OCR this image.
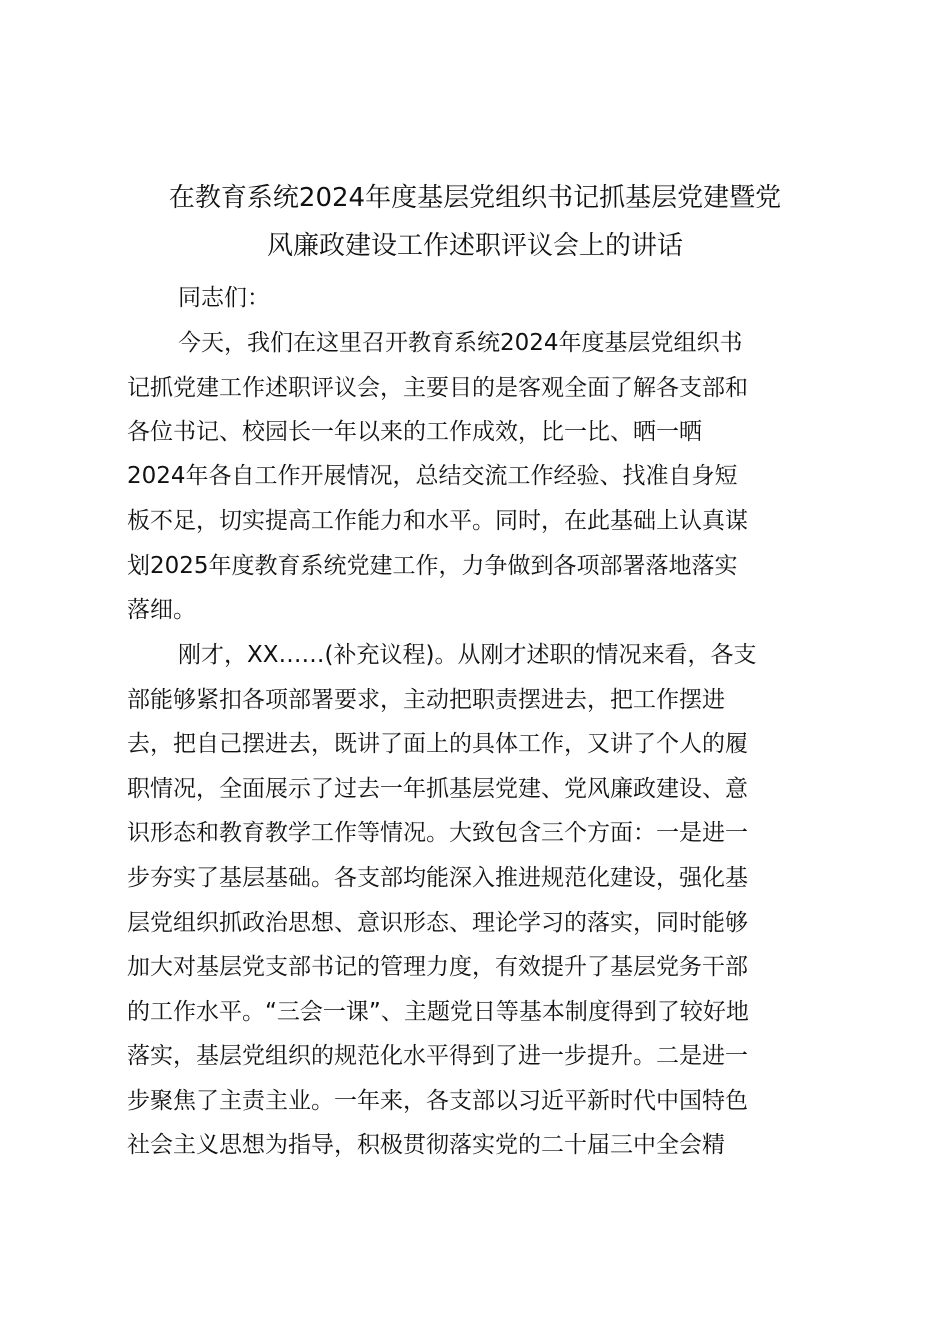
在教育系统2024年度基层党组织书记抓基层党建暨党
风廉政建设工作述职评议会上的讲话

同志们：

今天，我们在这里召开教育系统2024年度基层党组织书

记抓党建工作述职评议会，主要目的是客观全面了解各支部和

各位书记、校园长一年以来的工作成效，比一比、晒一晒

2024年各自工作开展情况，总结交流工作经验、找准自身短

板不足，切实提高工作能力和水平。同时，在此基础上认真谋

划2025年度教育系统党建工作，力争做到各项部署落地落实

落细。

刚才，XX……(补充议程)。从刚才述职的情况来看，各支

部能够紧扣各项部署要求，主动把职责摆进去，把工作摆进

去，把自己摆进去，既讲了面上的具体工作，又讲了个人的履

职情况，全面展示了过去一年抓基层党建、党风廉政建设、意

识形态和教育教学工作等情况。大致包含三个方面：一是进一

步夯实了基层基础。各支部均能深入推进规范化建设，强化基

层党组织抓政治思想、意识形态、理论学习的落实，同时能够

加大对基层党支部书记的管理力度，有效提升了基层党务干部

的工作水平。“三会一课”、主题党日等基本制度得到了较好地

落实，基层党组织的规范化水平得到了进一步提升。二是进一

步聚焦了主责主业。一年来，各支部以习近平新时代中国特色

社会主义思想为指导，积极贯彻落实党的二十届三中全会精
